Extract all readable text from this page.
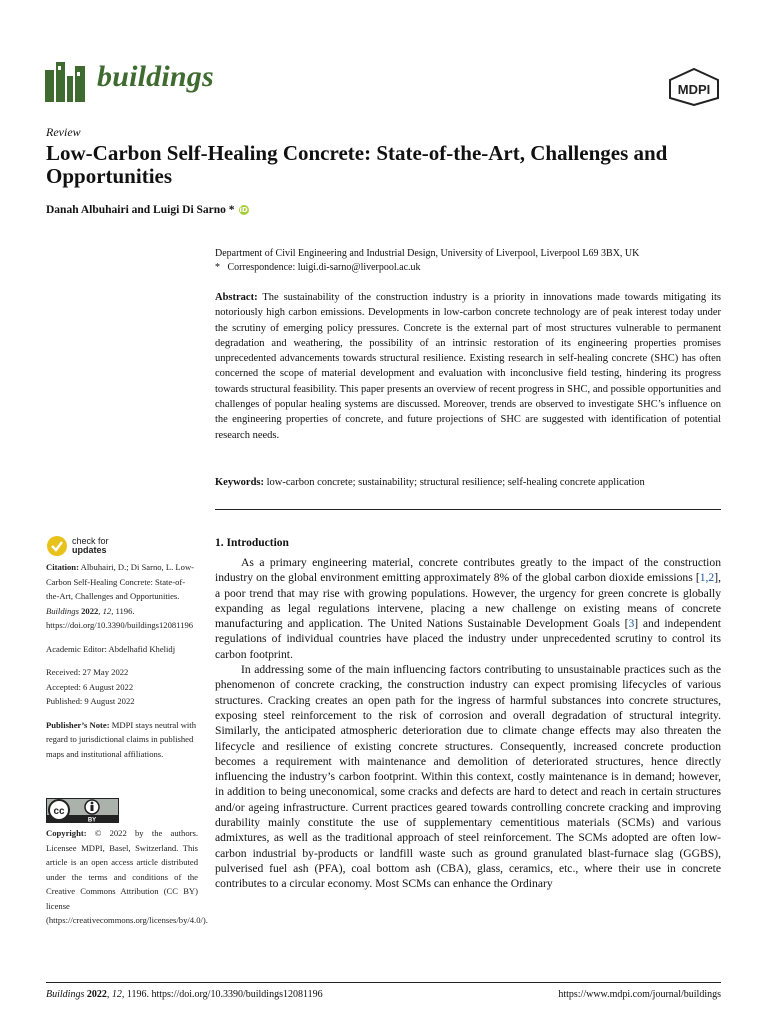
buildings	MDPI
Review
Low-Carbon Self-Healing Concrete: State-of-the-Art, Challenges and Opportunities
Danah Albuhairi and Luigi Di Sarno * iD
Department of Civil Engineering and Industrial Design, University of Liverpool, Liverpool L69 3BX, UK
*   Correspondence: luigi.di-sarno@liverpool.ac.uk
Abstract: The sustainability of the construction industry is a priority in innovations made towards mitigating its notoriously high carbon emissions. Developments in low-carbon concrete technology are of peak interest today under the scrutiny of emerging policy pressures. Concrete is the external part of most structures vulnerable to permanent degradation and weathering, the possibility of an intrinsic restoration of its engineering properties promises unprecedented advancements towards structural resilience. Existing research in self-healing concrete (SHC) has often concerned the scope of material development and evaluation with inconclusive field testing, hindering its progress towards structural feasibility. This paper presents an overview of recent progress in SHC, and possible opportunities and challenges of popular healing systems are discussed. Moreover, trends are observed to investigate SHC’s influence on the engineering properties of concrete, and future projections of SHC are suggested with identification of potential research needs.
Keywords: low-carbon concrete; sustainability; structural resilience; self-healing concrete application
check for
updates

Citation: Albuhairi, D.; Di Sarno, L. Low-Carbon Self-Healing Concrete: State-of-the-Art, Challenges and Opportunities. Buildings 2022, 12, 1196. https://doi.org/10.3390/buildings12081196

Academic Editor: Abdelhafid Khelidj

Received: 27 May 2022
Accepted: 6 August 2022
Published: 9 August 2022

Publisher’s Note: MDPI stays neutral with regard to jurisdictional claims in published maps and institutional affiliations.

cc
BY
Copyright: © 2022 by the authors. Licensee MDPI, Basel, Switzerland. This article is an open access article distributed under the terms and conditions of the Creative Commons Attribution (CC BY) license (https://creativecommons.org/licenses/by/4.0/).
1. Introduction

As a primary engineering material, concrete contributes greatly to the impact of the construction industry on the global environment emitting approximately 8% of the global carbon dioxide emissions [1,2], a poor trend that may rise with growing populations. However, the urgency for green concrete is globally expanding as legal regulations intervene, placing a new challenge on existing means of concrete manufacturing and application. The United Nations Sustainable Development Goals [3] and independent regulations of individual countries have placed the industry under unprecedented scrutiny to control its carbon footprint.

In addressing some of the main influencing factors contributing to unsustainable practices such as the phenomenon of concrete cracking, the construction industry can expect promising lifecycles of various structures. Cracking creates an open path for the ingress of harmful substances into concrete structures, exposing steel reinforcement to the risk of corrosion and overall degradation of structural integrity. Similarly, the anticipated atmospheric deterioration due to climate change effects may also threaten the lifecycle and resilience of existing concrete structures. Consequently, increased concrete production becomes a requirement with maintenance and demolition of deteriorated structures, hence directly influencing the industry’s carbon footprint. Within this context, costly maintenance is in demand; however, in addition to being uneconomical, some cracks and defects are hard to detect and reach in certain structures and/or ageing infrastructure. Current practices geared towards controlling concrete cracking and improving durability mainly constitute the use of supplementary cementitious materials (SCMs) and various admixtures, as well as the traditional approach of steel reinforcement. The SCMs adopted are often low-carbon industrial by-products or landfill waste such as ground granulated blast-furnace slag (GGBS), pulverised fuel ash (PFA), coal bottom ash (CBA), glass, ceramics, etc., where their use in concrete contributes to a circular economy. Most SCMs can enhance the Ordinary

Buildings 2022, 12, 1196. https://doi.org/10.3390/buildings12081196	https://www.mdpi.com/journal/buildings
